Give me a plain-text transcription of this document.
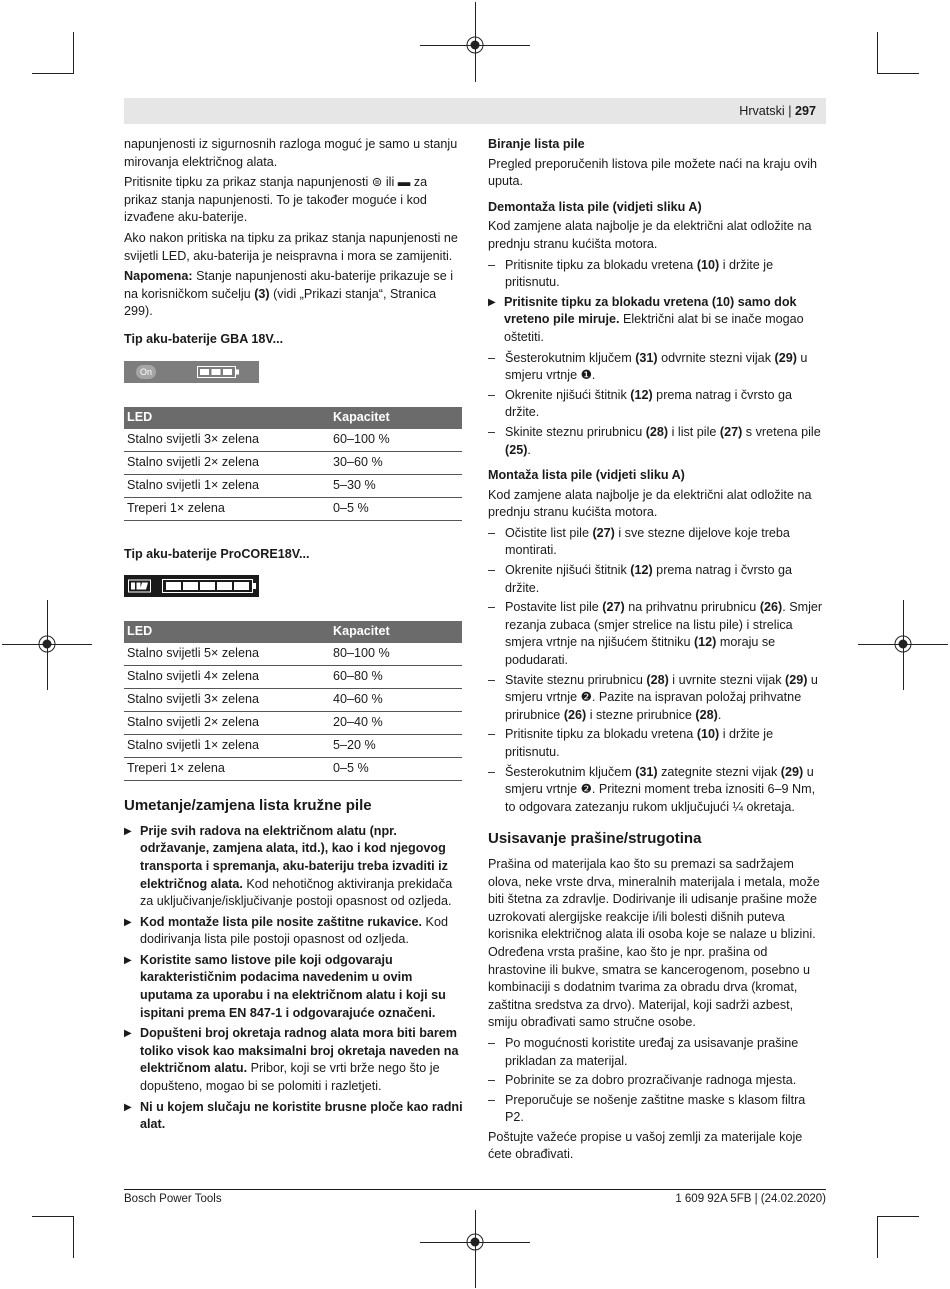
Hrvatski | 297

napunjenosti iz sigurnosnih razloga moguć je samo u stanju mirovanja električnog alata.

Pritisnite tipku za prikaz stanja napunjenosti ⊜ ili ▬ za prikaz stanja napunjenosti. To je također moguće i kod izvađene aku-baterije.

Ako nakon pritiska na tipku za prikaz stanja napunjenosti ne svijetli LED, aku-baterija je neispravna i mora se zamijeniti.

Napomena: Stanje napunjenosti aku-baterije prikazuje se i na korisničkom sučelju (3) (vidi „Prikazi stanja“, Stranica 299).

Tip aku-baterije GBA 18V...
On
LED	Kapacitet
Stalno svijetli 3× zelena	60–100 %
Stalno svijetli 2× zelena	30–60 %
Stalno svijetli 1× zelena	5–30 %
Treperi 1× zelena	0–5 %
Tip aku-baterije ProCORE18V...
LED	Kapacitet
Stalno svijetli 5× zelena	80–100 %
Stalno svijetli 4× zelena	60–80 %
Stalno svijetli 3× zelena	40–60 %
Stalno svijetli 2× zelena	20–40 %
Stalno svijetli 1× zelena	5–20 %
Treperi 1× zelena	0–5 %
Umetanje/zamjena lista kružne pile
▶ Prije svih radova na električnom alatu (npr. održavanje, zamjena alata, itd.), kao i kod njegovog transporta i spremanja, aku-bateriju treba izvaditi iz električnog alata. Kod nehotičnog aktiviranja prekidača za uključivanje/isključivanje postoji opasnost od ozljeda.
▶ Kod montaže lista pile nosite zaštitne rukavice. Kod dodirivanja lista pile postoji opasnost od ozljeda.
▶ Koristite samo listove pile koji odgovaraju karakterističnim podacima navedenim u ovim uputama za uporabu i na električnom alatu i koji su ispitani prema EN 847-1 i odgovarajuće označeni.
▶ Dopušteni broj okretaja radnog alata mora biti barem toliko visok kao maksimalni broj okretaja naveden na električnom alatu. Pribor, koji se vrti brže nego što je dopušteno, mogao bi se polomiti i razletjeti.
▶ Ni u kojem slučaju ne koristite brusne ploče kao radni alat.
Biranje lista pile

Pregled preporučenih listova pile možete naći na kraju ovih uputa.

Demontaža lista pile (vidjeti sliku A)

Kod zamjene alata najbolje je da električni alat odložite na prednju stranu kućišta motora.

– Pritisnite tipku za blokadu vretena (10) i držite je pritisnutu.
▶ Pritisnite tipku za blokadu vretena (10) samo dok vreteno pile miruje. Električni alat bi se inače mogao oštetiti.
– Šesterokutnim ključem (31) odvrnite stezni vijak (29) u smjeru vrtnje ❶.
– Okrenite njišući štitnik (12) prema natrag i čvrsto ga držite.
– Skinite steznu prirubnicu (28) i list pile (27) s vretena pile (25).
Montaža lista pile (vidjeti sliku A)

Kod zamjene alata najbolje je da električni alat odložite na prednju stranu kućišta motora.

– Očistite list pile (27) i sve stezne dijelove koje treba montirati.
– Okrenite njišući štitnik (12) prema natrag i čvrsto ga držite.
– Postavite list pile (27) na prihvatnu prirubnicu (26). Smjer rezanja zubaca (smjer strelice na listu pile) i strelica smjera vrtnje na njišućem štitniku (12) moraju se podudarati.
– Stavite steznu prirubnicu (28) i uvrnite stezni vijak (29) u smjeru vrtnje ❷. Pazite na ispravan položaj prihvatne prirubnice (26) i stezne prirubnice (28).
– Pritisnite tipku za blokadu vretena (10) i držite je pritisnutu.
– Šesterokutnim ključem (31) zategnite stezni vijak (29) u smjeru vrtnje ❷. Pritezni moment treba iznositi 6–9 Nm, to odgovara zatezanju rukom uključujući ¼ okretaja.
Usisavanje prašine/strugotina

Prašina od materijala kao što su premazi sa sadržajem olova, neke vrste drva, mineralnih materijala i metala, može biti štetna za zdravlje. Dodirivanje ili udisanje prašine može uzrokovati alergijske reakcije i/ili bolesti dišnih puteva korisnika električnog alata ili osoba koje se nalaze u blizini. Određena vrsta prašine, kao što je npr. prašina od hrastovine ili bukve, smatra se kancerogenom, posebno u kombinaciji s dodatnim tvarima za obradu drva (kromat, zaštitna sredstva za drvo). Materijal, koji sadrži azbest, smiju obrađivati samo stručne osobe.

– Po mogućnosti koristite uređaj za usisavanje prašine prikladan za materijal.
– Pobrinite se za dobro prozračivanje radnoga mjesta.
– Preporučuje se nošenje zaštitne maske s klasom filtra P2.

Poštujte važeće propise u vašoj zemlji za materijale koje ćete obrađivati.

Bosch Power Tools	1 609 92A 5FB | (24.02.2020)
